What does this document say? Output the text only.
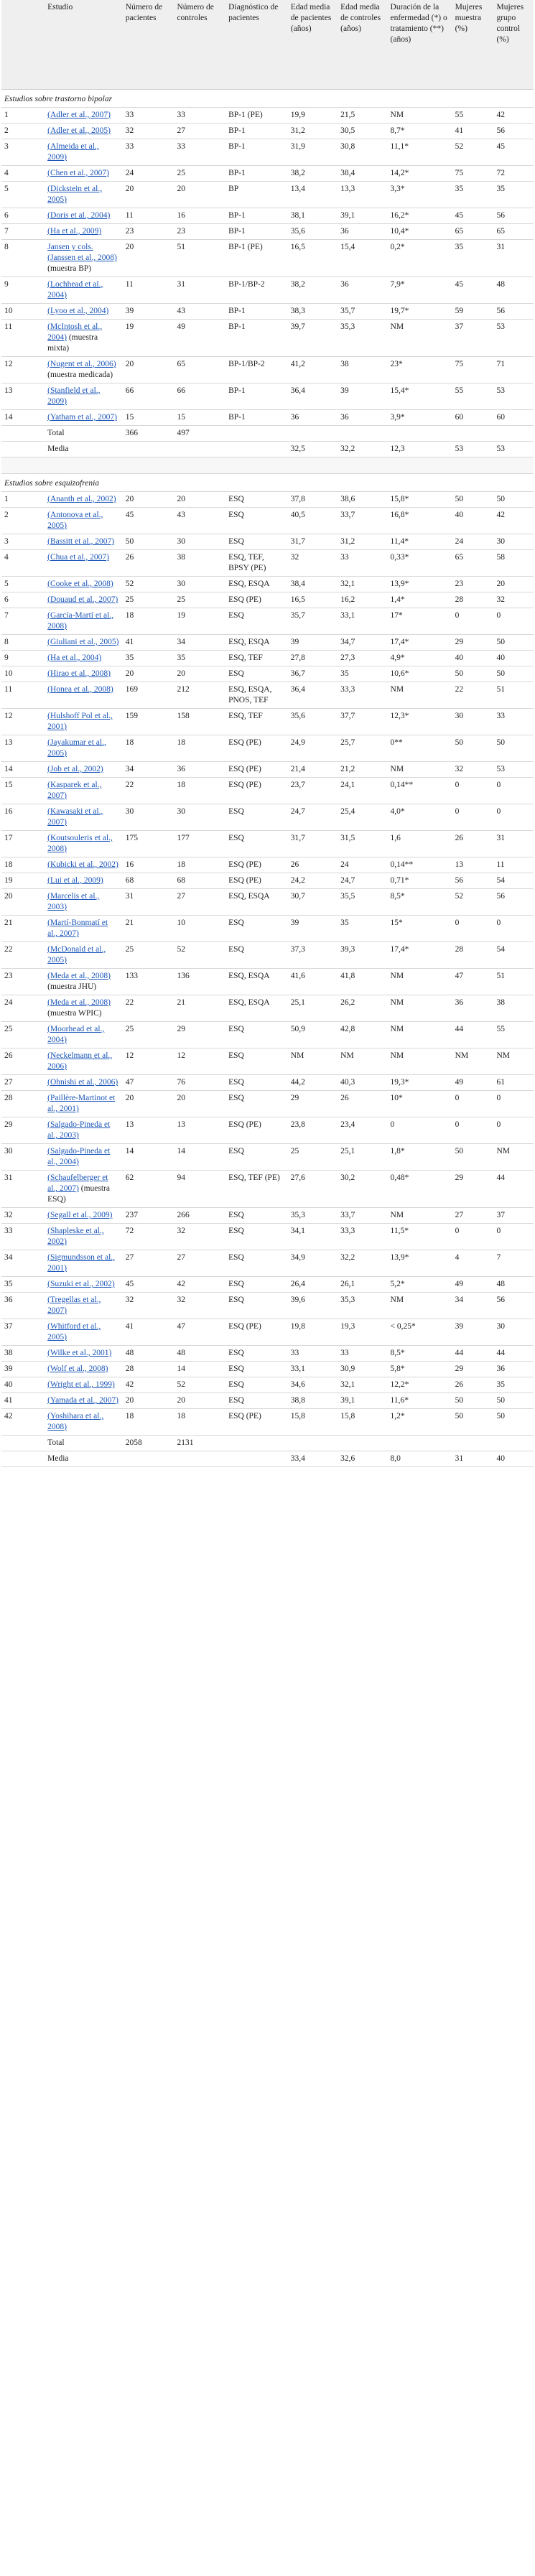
	Estudio	Número de pacientes	Número de controles	Diagnóstico de pacientes	Edad media de pacientes (años)	Edad media de controles (años)	Duración de la enfermedad (*) o tratamiento (**) (años)	Mujeres muestra (%)	Mujeres grupo control (%)
Estudios sobre trastorno bipolar									
1	(Adler et al., 2007)	33	33	BP-1 (PE)	19,9	21,5	NM	55	42
2	(Adler et al., 2005)	32	27	BP-1	31,2	30,5	8,7*	41	56
3	(Almeida et al., 2009)	33	33	BP-1	31,9	30,8	11,1*	52	45
4	(Chen et al., 2007)	24	25	BP-1	38,2	38,4	14,2*	75	72
5	(Dickstein et al., 2005)	20	20	BP	13,4	13,3	3,3*	35	35
6	(Doris et al., 2004)	11	16	BP-1	38,1	39,1	16,2*	45	56
7	(Ha et al., 2009)	23	23	BP-1	35,6	36	10,4*	65	65
8	Jansen y cols. (Janssen et al., 2008) (muestra BP)	20	51	BP-1 (PE)	16,5	15,4	0,2*	35	31
9	(Lochhead et al., 2004)	11	31	BP-1/BP-2	38,2	36	7,9*	45	48
10	(Lyoo et al., 2004)	39	43	BP-1	38,3	35,7	19,7*	59	56
11	(McIntosh et al., 2004) (muestra mixta)	19	49	BP-1	39,7	35,3	NM	37	53
12	(Nugent et al., 2006) (muestra medicada)	20	65	BP-1/BP-2	41,2	38	23*	75	71
13	(Stanfield et al., 2009)	66	66	BP-1	36,4	39	15,4*	55	53
14	(Yatham et al., 2007)	15	15	BP-1	36	36	3,9*	60	60
	Total	366	497						
	Media				32,5	32,2	12,3	53	53

Estudios sobre esquizofrenia									
1	(Ananth et al., 2002)	20	20	ESQ	37,8	38,6	15,8*	50	50
2	(Antonova et al., 2005)	45	43	ESQ	40,5	33,7	16,8*	40	42
3	(Bassitt et al., 2007)	50	30	ESQ	31,7	31,2	11,4*	24	30
4	(Chua et al., 2007)	26	38	ESQ, TEF, BPSY (PE)	32	33	0,33*	65	58
5	(Cooke et al., 2008)	52	30	ESQ, ESQA	38,4	32,1	13,9*	23	20
6	(Douaud et al., 2007)	25	25	ESQ (PE)	16,5	16,2	1,4*	28	32
7	(García-Martí et al., 2008)	18	19	ESQ	35,7	33,1	17*	0	0
8	(Giuliani et al., 2005)	41	34	ESQ, ESQA	39	34,7	17,4*	29	50
9	(Ha et al., 2004)	35	35	ESQ, TEF	27,8	27,3	4,9*	40	40
10	(Hirao et al., 2008)	20	20	ESQ	36,7	35	10,6*	50	50
11	(Honea et al., 2008)	169	212	ESQ, ESQA, PNOS, TEF	36,4	33,3	NM	22	51
12	(Hulshoff Pol et al., 2001)	159	158	ESQ, TEF	35,6	37,7	12,3*	30	33
13	(Jayakumar et al., 2005)	18	18	ESQ (PE)	24,9	25,7	0**	50	50
14	(Job et al., 2002)	34	36	ESQ (PE)	21,4	21,2	NM	32	53
15	(Kasparek et al., 2007)	22	18	ESQ (PE)	23,7	24,1	0,14**	0	0
16	(Kawasaki et al., 2007)	30	30	ESQ	24,7	25,4	4,0*	0	0
17	(Koutsouleris et al., 2008)	175	177	ESQ	31,7	31,5	1,6	26	31
18	(Kubicki et al., 2002)	16	18	ESQ (PE)	26	24	0,14**	13	11
19	(Lui et al., 2009)	68	68	ESQ (PE)	24,2	24,7	0,71*	56	54
20	(Marcelis et al., 2003)	31	27	ESQ, ESQA	30,7	35,5	8,5*	52	56
21	(Martí-Bonmatí et al., 2007)	21	10	ESQ	39	35	15*	0	0
22	(McDonald et al., 2005)	25	52	ESQ	37,3	39,3	17,4*	28	54
23	(Meda et al., 2008) (muestra JHU)	133	136	ESQ, ESQA	41,6	41,8	NM	47	51
24	(Meda et al., 2008) (muestra WPIC)	22	21	ESQ, ESQA	25,1	26,2	NM	36	38
25	(Moorhead et al., 2004)	25	29	ESQ	50,9	42,8	NM	44	55
26	(Neckelmann et al., 2006)	12	12	ESQ	NM	NM	NM	NM	NM
27	(Ohnishi et al., 2006)	47	76	ESQ	44,2	40,3	19,3*	49	61
28	(Paillère-Martinot et al., 2001)	20	20	ESQ	29	26	10*	0	0
29	(Salgado-Pineda et al., 2003)	13	13	ESQ (PE)	23,8	23,4	0	0	0
30	(Salgado-Pineda et al., 2004)	14	14	ESQ	25	25,1	1,8*	50	NM
31	(Schaufelberger et al., 2007) (muestra ESQ)	62	94	ESQ, TEF (PE)	27,6	30,2	0,48*	29	44
32	(Segall et al., 2009)	237	266	ESQ	35,3	33,7	NM	27	37
33	(Shapleske et al., 2002)	72	32	ESQ	34,1	33,3	11,5*	0	0
34	(Sigmundsson et al., 2001)	27	27	ESQ	34,9	32,2	13,9*	4	7
35	(Suzuki et al., 2002)	45	42	ESQ	26,4	26,1	5,2*	49	48
36	(Tregellas et al., 2007)	32	32	ESQ	39,6	35,3	NM	34	56
37	(Whitford et al., 2005)	41	47	ESQ (PE)	19,8	19,3	< 0,25*	39	30
38	(Wilke et al., 2001)	48	48	ESQ	33	33	8,5*	44	44
39	(Wolf et al., 2008)	28	14	ESQ	33,1	30,9	5,8*	29	36
40	(Wright et al., 1999)	42	52	ESQ	34,6	32,1	12,2*	26	35
41	(Yamada et al., 2007)	20	20	ESQ	38,8	39,1	11,6*	50	50
42	(Yoshihara et al., 2008)	18	18	ESQ (PE)	15,8	15,8	1,2*	50	50
	Total	2058	2131						
	Media				33,4	32,6	8,0	31	40
